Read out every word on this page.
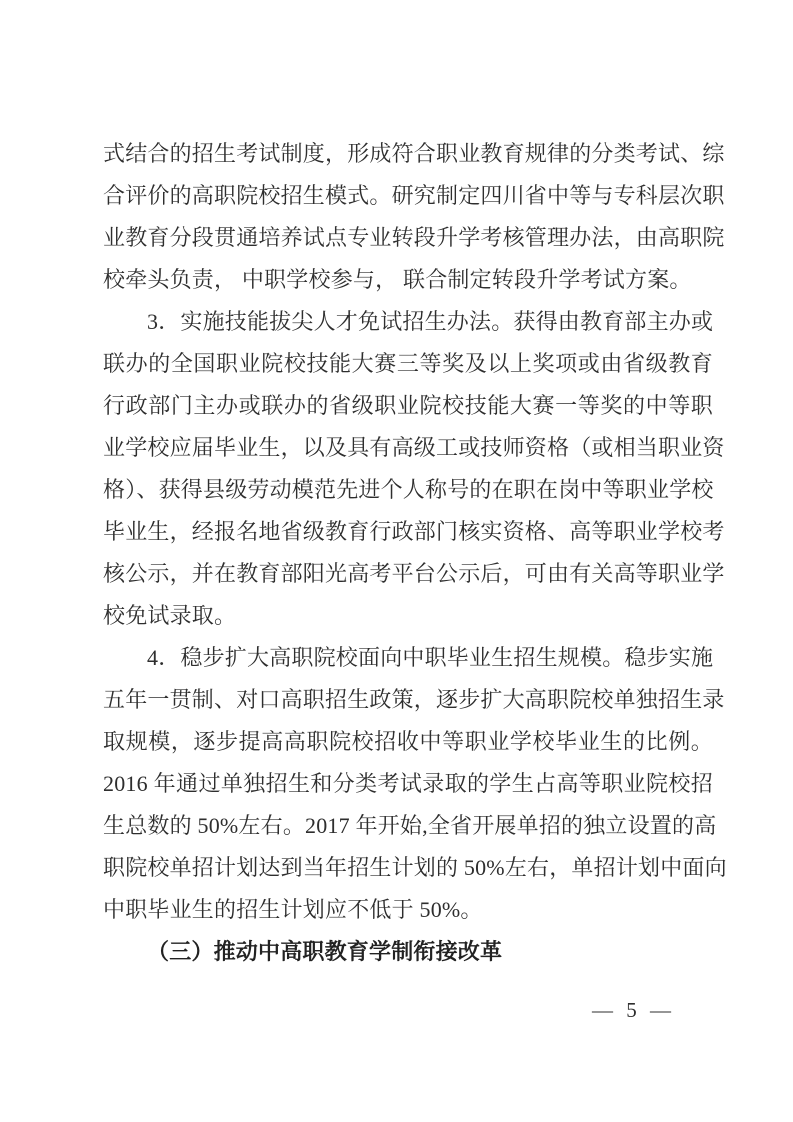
式结合的招生考试制度，形成符合职业教育规律的分类考试、综
合评价的高职院校招生模式。研究制定四川省中等与专科层次职
业教育分段贯通培养试点专业转段升学考核管理办法，由高职院
校牵头负责， 中职学校参与， 联合制定转段升学考试方案。
3．实施技能拔尖人才免试招生办法。获得由教育部主办或
联办的全国职业院校技能大赛三等奖及以上奖项或由省级教育
行政部门主办或联办的省级职业院校技能大赛一等奖的中等职
业学校应届毕业生，以及具有高级工或技师资格（或相当职业资
格）、获得县级劳动模范先进个人称号的在职在岗中等职业学校
毕业生，经报名地省级教育行政部门核实资格、高等职业学校考
核公示，并在教育部阳光高考平台公示后，可由有关高等职业学
校免试录取。
4．稳步扩大高职院校面向中职毕业生招生规模。稳步实施
五年一贯制、对口高职招生政策，逐步扩大高职院校单独招生录
取规模，逐步提高高职院校招收中等职业学校毕业生的比例。
2016 年通过单独招生和分类考试录取的学生占高等职业院校招
生总数的 50%左右。2017 年开始,全省开展单招的独立设置的高
职院校单招计划达到当年招生计划的 50%左右，单招计划中面向
中职毕业生的招生计划应不低于 50%。
（三）推动中高职教育学制衔接改革
— 5 —
